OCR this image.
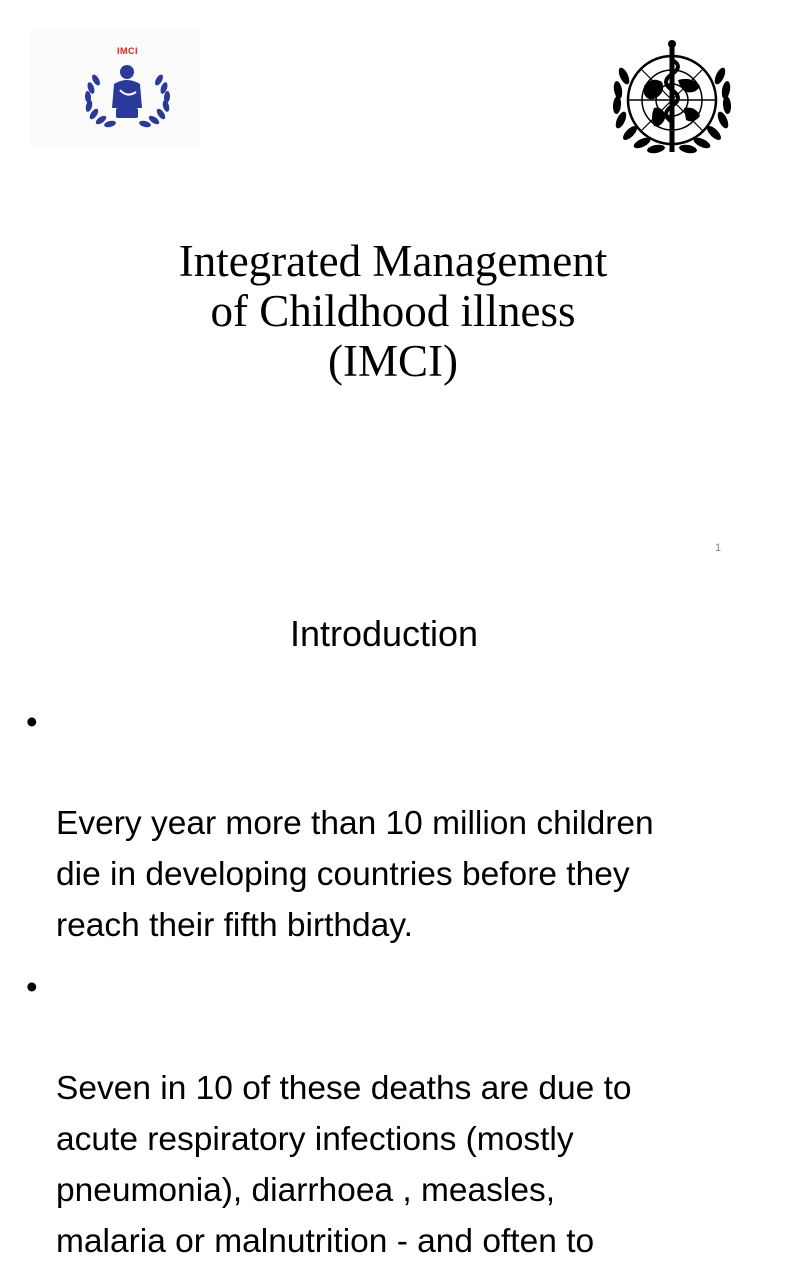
IMCI
Integrated Management
of Childhood illness
(IMCI)
1
Introduction

•

Every year more than 10 million children
die in developing countries before they
reach their fifth birthday.

•

Seven in 10 of these deaths are due to
acute respiratory infections (mostly
pneumonia), diarrhoea , measles,
malaria or malnutrition - and often to
